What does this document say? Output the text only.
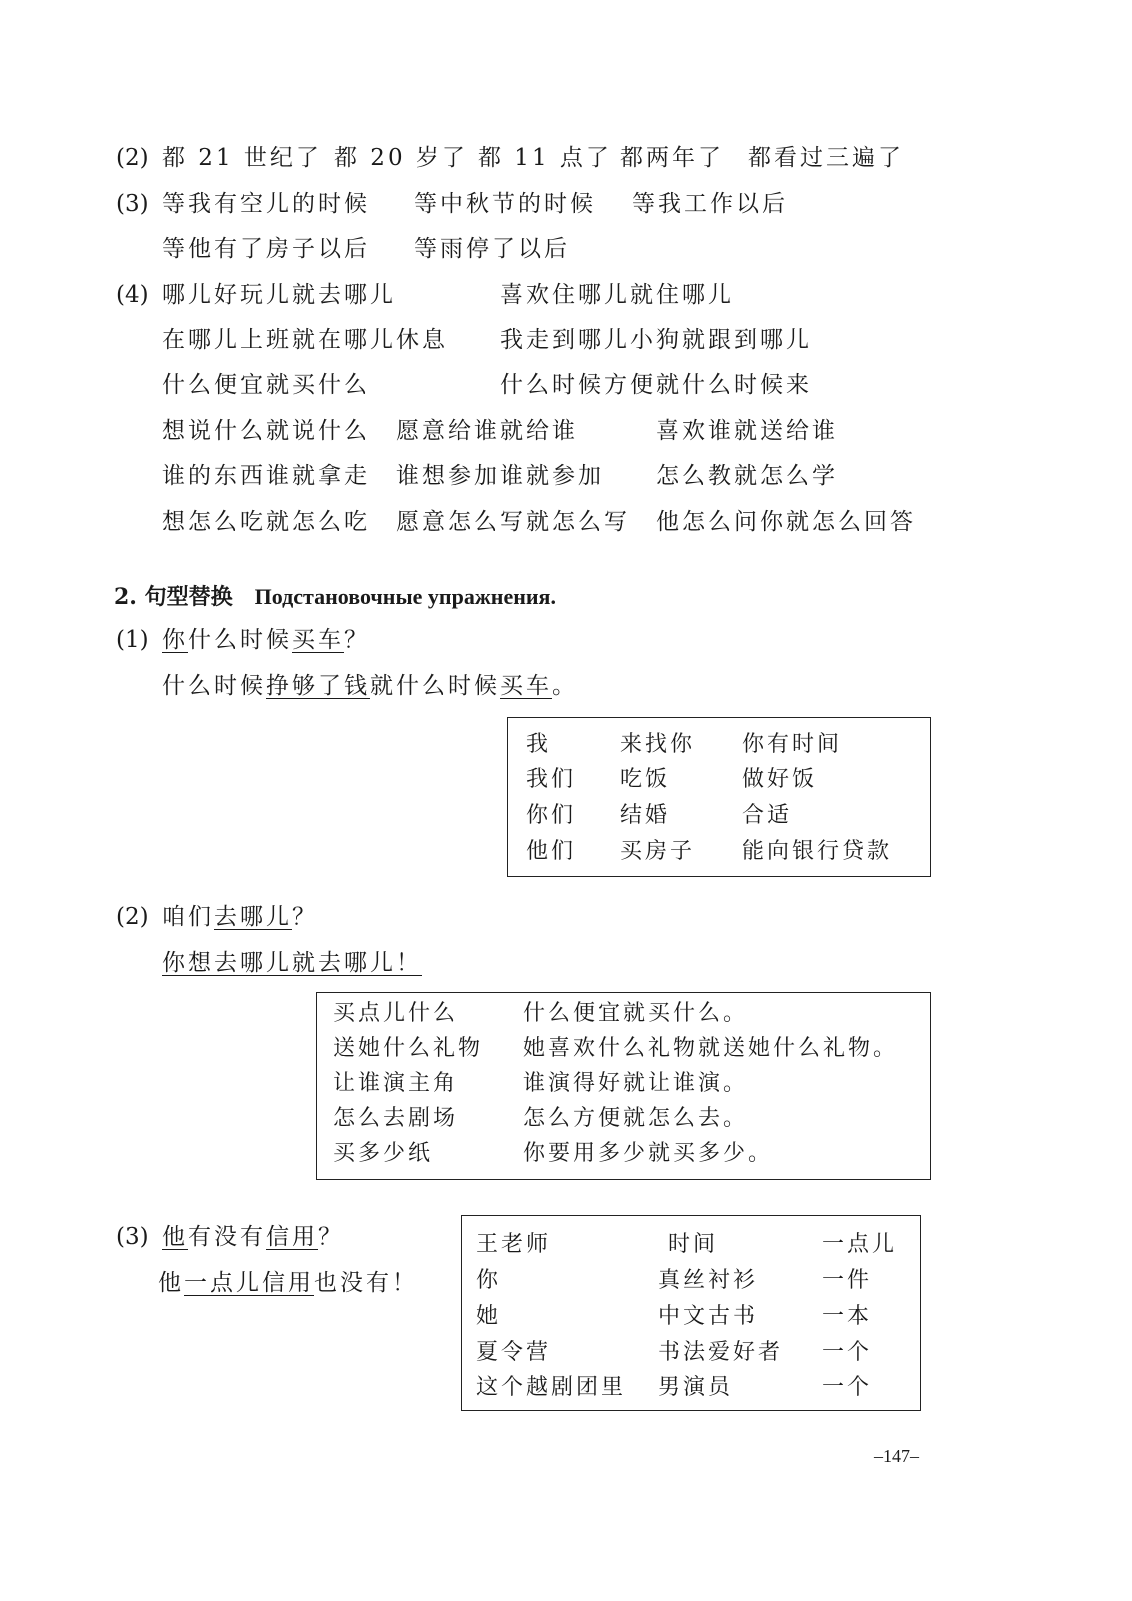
(2) 都 21 世纪了 都 20 岁了 都 11 点了 都两年了 都看过三遍了
(3) 等我有空儿的时候 等中秋节的时候 等我工作以后
等他有了房子以后 等雨停了以后
(4) 哪儿好玩儿就去哪儿	喜欢住哪儿就住哪儿
在哪儿上班就在哪儿休息 我走到哪儿小狗就跟到哪儿
什么便宜就买什么	什么时候方便就什么时候来
想说什么就说什么 愿意给谁就给谁	喜欢谁就送给谁
谁的东西谁就拿走 谁想参加谁就参加 怎么教就怎么学
想怎么吃就怎么吃 愿意怎么写就怎么写 他怎么问你就怎么回答
2. 句型替换 Подстановочные упражнения.
(1) 你什么时候买车？
什么时候挣够了钱就什么时候买车。
我	来找你 你有时间
我们 吃饭	做好饭
你们 结婚	合适
他们 买房子 能向银行贷款
(2) 咱们去哪儿？
你想去哪儿就去哪儿！
买点儿什么	什么便宜就买什么。
送她什么礼物 她喜欢什么礼物就送她什么礼物。
让谁演主角	谁演得好就让谁演。
怎么去剧场	怎么方便就怎么去。
买多少纸	你要用多少就买多少。
(3) 他有没有信用？
他一点儿信用也没有！
王老师	时间	一点儿
你	真丝衬衫	一件
她	中文古书	一本
夏令营	书法爱好者 一个
这个越剧团里 男演员	一个
–147–
